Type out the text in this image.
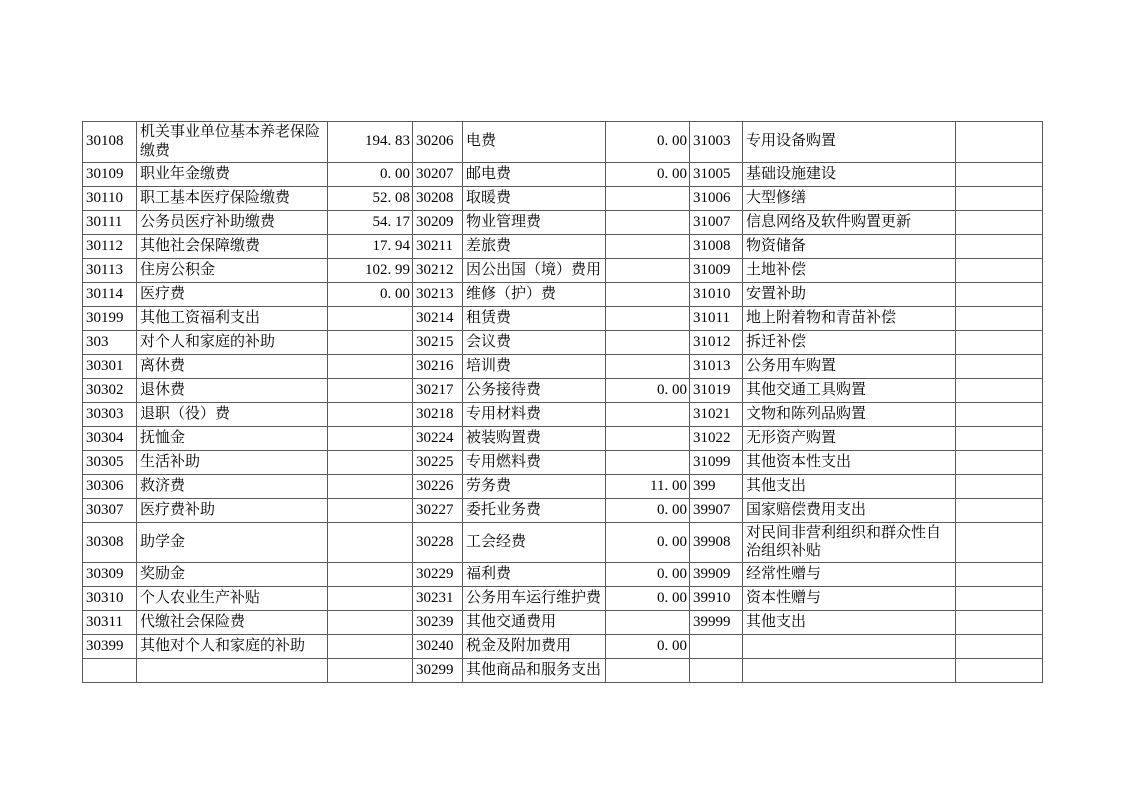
30108	机关事业单位基本养老保险缴费	194. 83	30206	电费	0. 00	31003	专用设备购置	
30109	职业年金缴费	0. 00	30207	邮电费	0. 00	31005	基础设施建设	
30110	职工基本医疗保险缴费	52. 08	30208	取暖费		31006	大型修缮	
30111	公务员医疗补助缴费	54. 17	30209	物业管理费		31007	信息网络及软件购置更新	
30112	其他社会保障缴费	17. 94	30211	差旅费		31008	物资储备	
30113	住房公积金	102. 99	30212	因公出国（境）费用		31009	土地补偿	
30114	医疗费	0. 00	30213	维修（护）费		31010	安置补助	
30199	其他工资福利支出		30214	租赁费		31011	地上附着物和青苗补偿	
303	对个人和家庭的补助		30215	会议费		31012	拆迁补偿	
30301	离休费		30216	培训费		31013	公务用车购置	
30302	退休费		30217	公务接待费	0. 00	31019	其他交通工具购置	
30303	退职（役）费		30218	专用材料费		31021	文物和陈列品购置	
30304	抚恤金		30224	被装购置费		31022	无形资产购置	
30305	生活补助		30225	专用燃料费		31099	其他资本性支出	
30306	救济费		30226	劳务费	11. 00	399	其他支出	
30307	医疗费补助		30227	委托业务费	0. 00	39907	国家赔偿费用支出	
30308	助学金		30228	工会经费	0. 00	39908	对民间非营利组织和群众性自治组织补贴	
30309	奖励金		30229	福利费	0. 00	39909	经常性赠与	
30310	个人农业生产补贴		30231	公务用车运行维护费	0. 00	39910	资本性赠与	
30311	代缴社会保险费		30239	其他交通费用		39999	其他支出	
30399	其他对个人和家庭的补助		30240	税金及附加费用	0. 00			
			30299	其他商品和服务支出				
